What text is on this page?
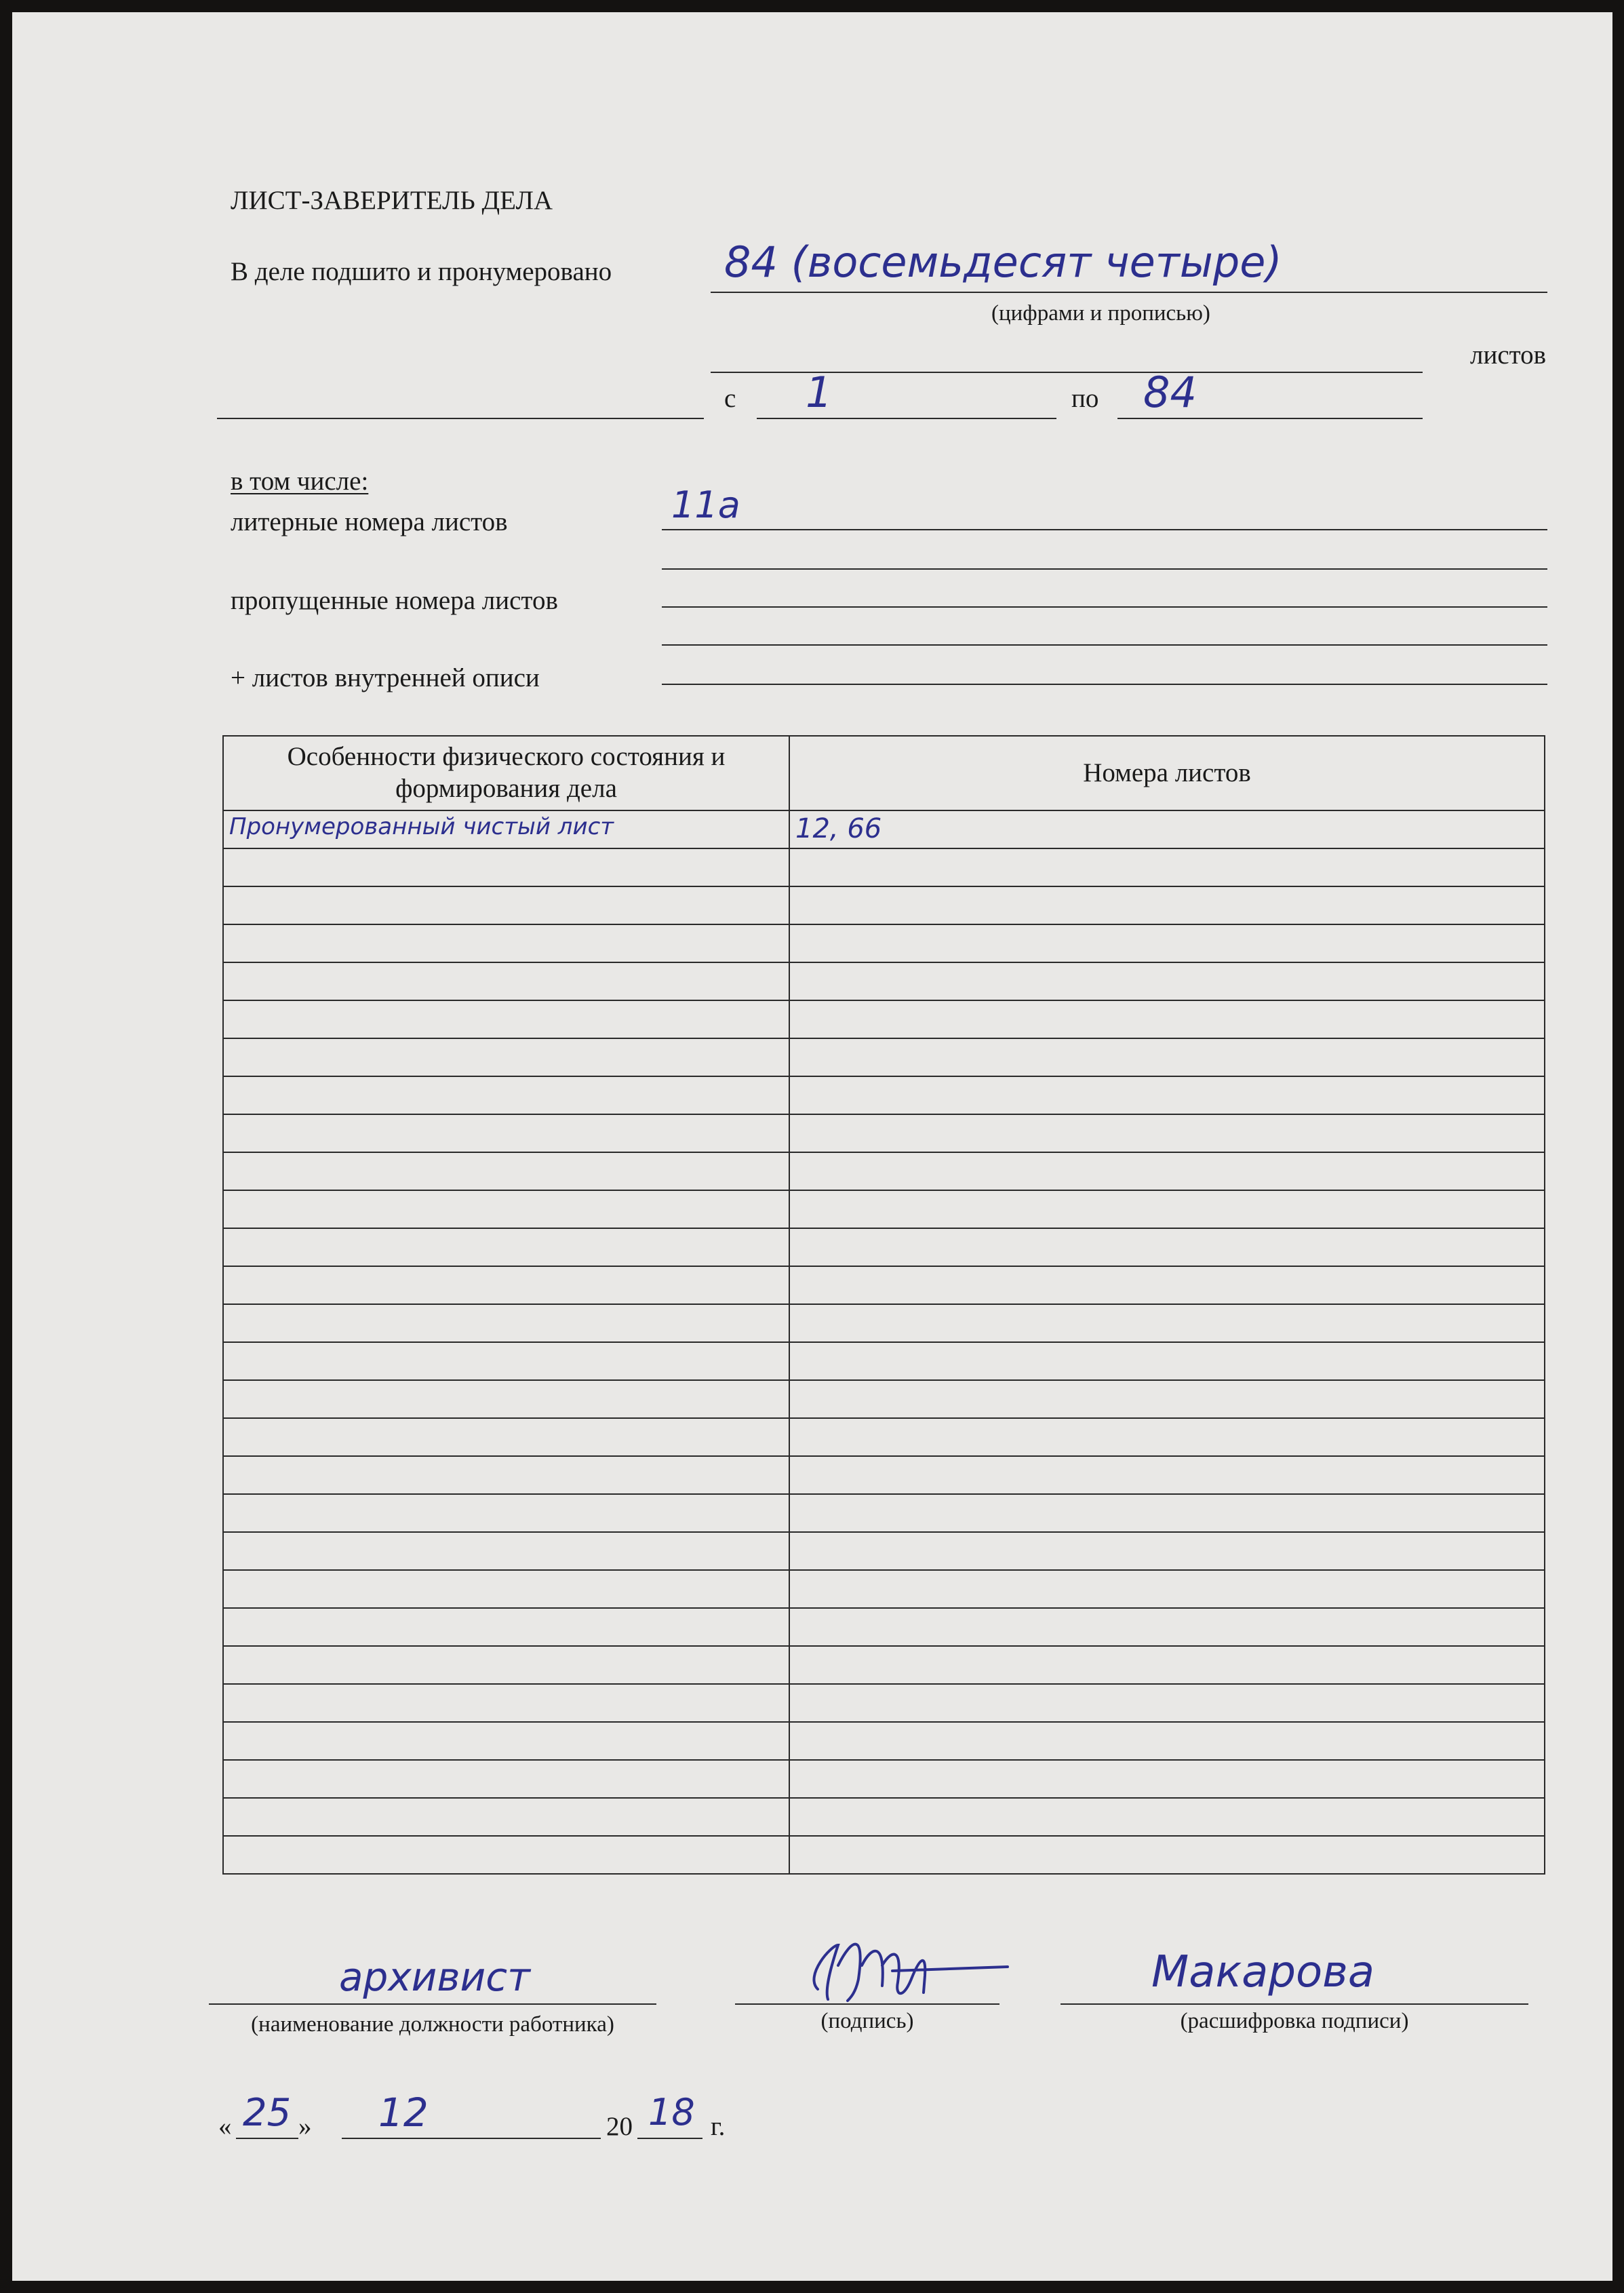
ЛИСТ-ЗАВЕРИТЕЛЬ ДЕЛА
В деле подшито и пронумеровано	84 (восемьдесят четыре)
(цифрами и прописью)
листов
с 1	по 84
в том числе:
литерные номера листов	11а
пропущенные номера листов
+ листов внутренней описи
Особенности физического состояния и формирования дела	Номера листов

Пронумерованный чистый лист	12, 66

архивист
(наименование должности работника)	(подпись)
Макарова
(расшифровка подписи)
« 25 » 12	20 18 г.
